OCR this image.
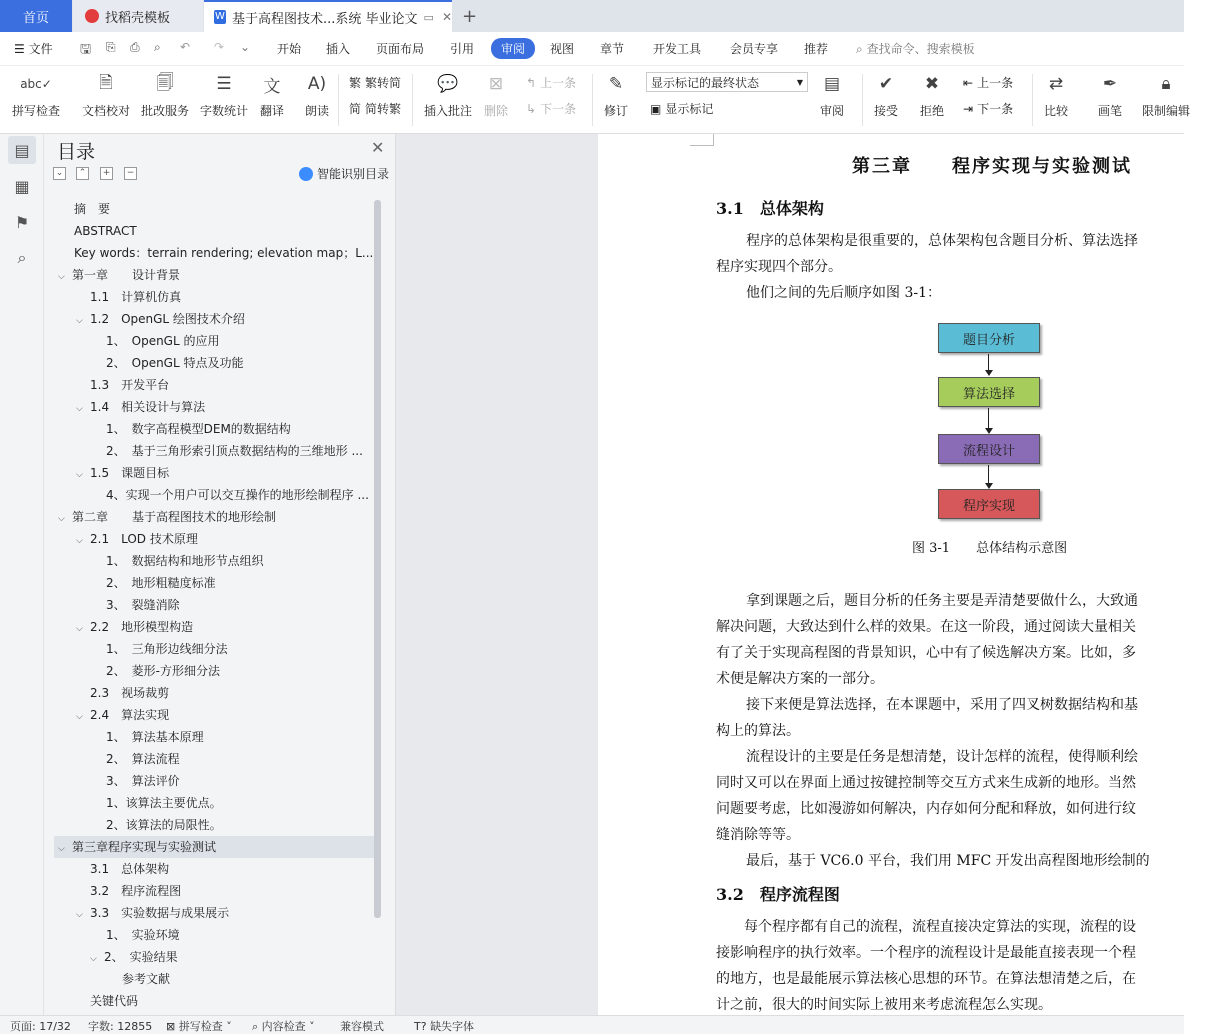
首页	找稻壳模板	W 基于高程图技术...系统 毕业论文 ▭ ✕ +
☰ 文件 🖫 ⎘ ⎙ ⌕ ↶ ↷ ⌄ 开始 插入 页面布局 引用	审阅	视图 章节 开发工具 会员专享 推荐 ⌕ 查找命令、搜索模板
abc✓
拼写检查
🗎
文档校对
🗐
批改服务
☰
字数统计
文
翻译
A)
朗读
繁 繁转简
简 简转繁
💬
插入批注
⊠
删除
↰ 上一条
↳ 下一条
✎
修订
显示标记的最终状态	▼
▣ 显示标记
▤
审阅
✔
接受
✖
拒绝
⇤ 上一条
⇥ 下一条
⇄
比较
✒
画笔
🔒︎
限制编辑
▤
▦
⚑
⌕
目录	✕
⌄	⌃	+	−	智能识别目录
摘　要
ABSTRACT
Key words：terrain rendering; elevation map；L...
⌵ 第一章　　设计背景
1.1　计算机仿真
⌵ 1.2　OpenGL 绘图技术介绍
1、　OpenGL 的应用
2、　OpenGL 特点及功能
1.3　开发平台
⌵ 1.4　相关设计与算法
1、　数字高程模型DEM的数据结构
2、　基于三角形索引顶点数据结构的三维地形 ...
⌵ 1.5　课题目标
4、实现一个用户可以交互操作的地形绘制程序 ...
⌵ 第二章　　基于高程图技术的地形绘制
⌵ 2.1　LOD 技术原理
1、　数据结构和地形节点组织
2、　地形粗糙度标准
3、　裂缝消除
⌵ 2.2　地形模型构造
1、　三角形边线细分法
2、　菱形-方形细分法
2.3　视场裁剪
⌵ 2.4　算法实现
1、　算法基本原理
2、　算法流程
3、　算法评价
1、该算法主要优点。
2、该算法的局限性。
⌵ 第三章程序实现与实验测试
3.1　总体架构
3.2　程序流程图
⌵ 3.3　实验数据与成果展示
1、　实验环境
⌵ 2、　实验结果
参考文献
关键代码
第三章　　程序实现与实验测试
3.1　总体架构
程序的总体架构是很重要的，总体架构包含题目分析、算法选择
程序实现四个部分。
他们之间的先后顺序如图 3-1：
题目分析
算法选择
流程设计
程序实现
图 3-1　　总体结构示意图
拿到课题之后，题目分析的任务主要是弄清楚要做什么，大致通
解决问题，大致达到什么样的效果。在这一阶段，通过阅读大量相关
有了关于实现高程图的背景知识，心中有了候选解决方案。比如，多
术便是解决方案的一部分。
接下来便是算法选择，在本课题中，采用了四叉树数据结构和基
构上的算法。
流程设计的主要是任务是想清楚，设计怎样的流程，使得顺利绘
同时又可以在界面上通过按键控制等交互方式来生成新的地形。当然
问题要考虑，比如漫游如何解决，内存如何分配和释放，如何进行纹
缝消除等等。
最后，基于 VC6.0 平台，我们用 MFC 开发出高程图地形绘制的
3.2　程序流程图
每个程序都有自己的流程，流程直接决定算法的实现，流程的设
接影响程序的执行效率。一个程序的流程设计是最能直接表现一个程
的地方，也是最能展示算法核心思想的环节。在算法想清楚之后，在
计之前，很大的时间实际上被用来考虑流程怎么实现。
页面: 17/32 字数: 12855 ⊠ 拼写检查 ˅ ⌕ 内容检查 ˅ 兼容模式	T? 缺失字体
